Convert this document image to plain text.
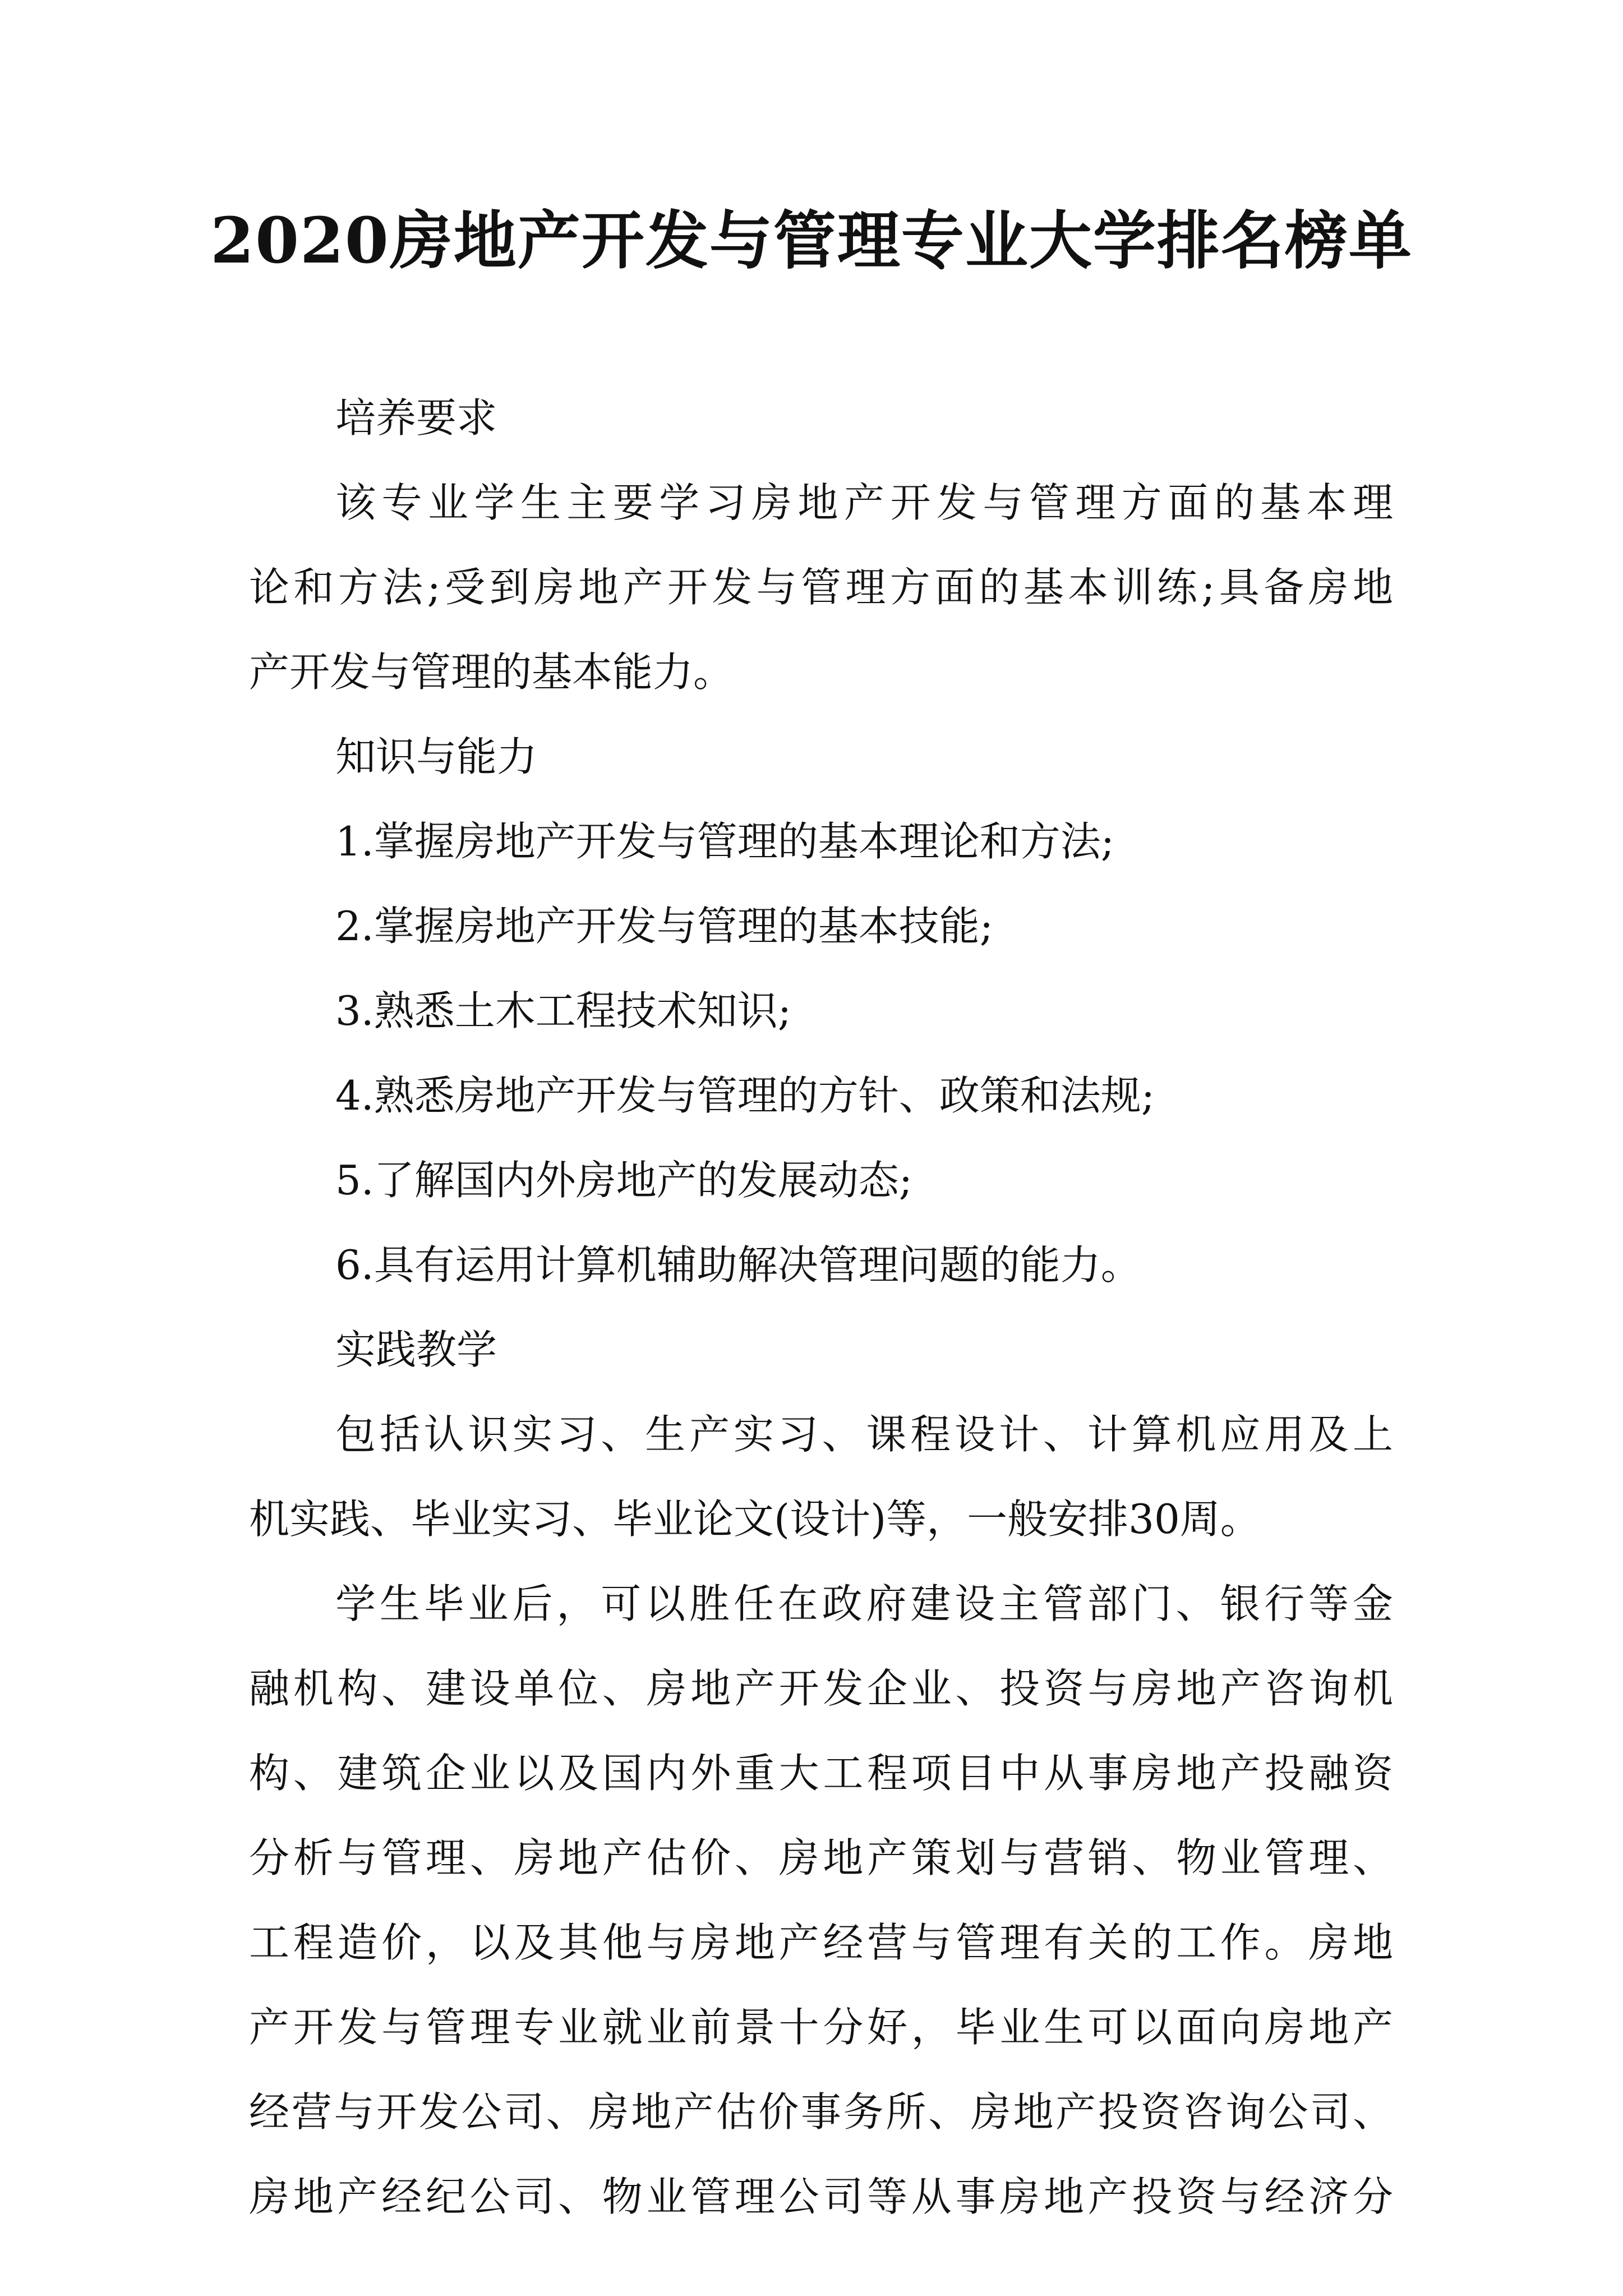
2020房地产开发与管理专业大学排名榜单
培养要求
该专业学生主要学习房地产开发与管理方面的基本理
论和方法;受到房地产开发与管理方面的基本训练;具备房地
产开发与管理的基本能力。
知识与能力
1.掌握房地产开发与管理的基本理论和方法;
2.掌握房地产开发与管理的基本技能;
3.熟悉土木工程技术知识;
4.熟悉房地产开发与管理的方针、政策和法规;
5.了解国内外房地产的发展动态;
6.具有运用计算机辅助解决管理问题的能力。
实践教学
包括认识实习、生产实习、课程设计、计算机应用及上
机实践、毕业实习、毕业论文(设计)等，一般安排30周。
学生毕业后，可以胜任在政府建设主管部门、银行等金
融机构、建设单位、房地产开发企业、投资与房地产咨询机
构、建筑企业以及国内外重大工程项目中从事房地产投融资
分析与管理、房地产估价、房地产策划与营销、物业管理、
工程造价，以及其他与房地产经营与管理有关的工作。房地
产开发与管理专业就业前景十分好，毕业生可以面向房地产
经营与开发公司、房地产估价事务所、房地产投资咨询公司、
房地产经纪公司、物业管理公司等从事房地产投资与经济分
